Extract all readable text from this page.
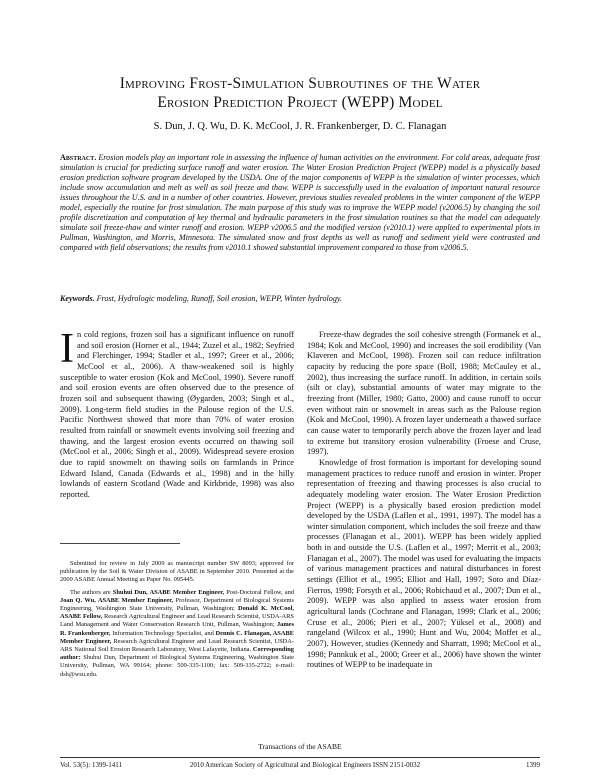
Improving Frost-Simulation Subroutines of the Water
Erosion Prediction Project (WEPP) Model
S. Dun, J. Q. Wu, D. K. McCool, J. R. Frankenberger, D. C. Flanagan
Abstract. Erosion models play an important role in assessing the influence of human activities on the environment. For cold areas, adequate frost simulation is crucial for predicting surface runoff and water erosion. The Water Erosion Prediction Project (WEPP) model is a physically based erosion prediction software program developed by the USDA. One of the major components of WEPP is the simulation of winter processes, which include snow accumulation and melt as well as soil freeze and thaw. WEPP is successfully used in the evaluation of important natural resource issues throughout the U.S. and in a number of other countries. However, previous studies revealed problems in the winter component of the WEPP model, especially the routine for frost simulation. The main purpose of this study was to improve the WEPP model (v2006.5) by changing the soil profile discretization and computation of key thermal and hydraulic parameters in the frost simulation routines so that the model can adequately simulate soil freeze-thaw and winter runoff and erosion. WEPP v2006.5 and the modified version (v2010.1) were applied to experimental plots in Pullman, Washington, and Morris, Minnesota. The simulated snow and frost depths as well as runoff and sediment yield were contrasted and compared with field observations; the results from v2010.1 showed substantial improvement compared to those from v2006.5.
Keywords. Frost, Hydrologic modeling, Runoff, Soil erosion, WEPP, Winter hydrology.

In cold regions, frozen soil has a significant influence on runoff and soil erosion (Horner et al., 1944; Zuzel et al., 1982; Seyfried and Flerchinger, 1994; Stadler et al., 1997; Greer et al., 2006; McCool et al., 2006). A thaw-weakened soil is highly susceptible to water erosion (Kok and McCool, 1990). Severe runoff and soil erosion events are often observed due to the presence of frozen soil and subsequent thawing (Øygarden, 2003; Singh et al., 2009). Long-term field studies in the Palouse region of the U.S. Pacific Northwest showed that more than 70% of water erosion resulted from rainfall or snowmelt events involving soil freezing and thawing, and the largest erosion events occurred on thawing soil (McCool et al., 2006; Singh et al., 2009). Widespread severe erosion due to rapid snowmelt on thawing soils on farmlands in Prince Edward Island, Canada (Edwards et al., 1998) and in the hilly lowlands of eastern Scotland (Wade and Kirkbride, 1998) was also reported.

Freeze-thaw degrades the soil cohesive strength (Formanek et al., 1984; Kok and McCool, 1990) and increases the soil erodibility (Van Klaveren and McCool, 1998). Frozen soil can reduce infiltration capacity by reducing the pore space (Boll, 1988; McCauley et al., 2002), thus increasing the surface runoff. In addition, in certain soils (silt or clay), substantial amounts of water may migrate to the freezing front (Miller, 1980; Gatto, 2000) and cause runoff to occur even without rain or snowmelt in areas such as the Palouse region (Kok and McCool, 1990). A frozen layer underneath a thawed surface can cause water to temporarily perch above the frozen layer and lead to extreme but transitory erosion vulnerability (Froese and Cruse, 1997).

Knowledge of frost formation is important for developing sound management practices to reduce runoff and erosion in winter. Proper representation of freezing and thawing processes is also crucial to adequately modeling water erosion. The Water Erosion Prediction Project (WEPP) is a physically based erosion prediction model developed by the USDA (Laflen et al., 1991, 1997). The model has a winter simulation component, which includes the soil freeze and thaw processes (Flanagan et al., 2001). WEPP has been widely applied both in and outside the U.S. (Laflen et al., 1997; Merrit et al., 2003; Flanagan et al., 2007). The model was used for evaluating the impacts of various management practices and natural disturbances in forest settings (Elliot et al., 1995; Elliot and Hall, 1997; Soto and Díaz-Fierros, 1998; Forsyth et al., 2006; Robichaud et al., 2007; Dun et al., 2009). WEPP was also applied to assess water erosion from agricultural lands (Cochrane and Flanagan, 1999; Clark et al., 2006; Cruse et al., 2006; Pieri et al., 2007; Yüksel et al., 2008) and rangeland (Wilcox et al., 1990; Hunt and Wu, 2004; Moffet et al., 2007). However, studies (Kennedy and Sharratt, 1998; McCool et al., 1998; Pannkuk et al., 2000; Greer et al., 2006) have shown the winter routines of WEPP to be inadequate in

Submitted for review in July 2009 as manuscript number SW 8093; approved for publication by the Soil & Water Division of ASABE in September 2010. Presented at the 2009 ASABE Annual Meeting as Paper No. 095445.

The authors are Shuhui Dun, ASABE Member Engineer, Post-Doctoral Fellow, and Joan Q. Wu, ASABE Member Engineer, Professor, Department of Biological Systems Engineering, Washington State University, Pullman, Washington; Donald K. McCool, ASABE Fellow, Research Agricultural Engineer and Lead Research Scientist, USDA-ARS Land Management and Water Conservation Research Unit, Pullman, Washington; James R. Frankenberger, Information Technology Specialist, and Dennis C. Flanagan, ASABE Member Engineer, Research Agricultural Engineer and Lead Research Scientist, USDA-ARS National Soil Erosion Research Laboratory, West Lafayette, Indiana. Corresponding author: Shuhui Dun, Department of Biological Systems Engineering, Washington State University, Pullman, WA 99164; phone: 509-335-1100; fax: 509-335-2722; e-mail: dsh@wsu.edu.

Transactions of the ASABE
Vol. 53(5): 1399-1411	2010 American Society of Agricultural and Biological Engineers ISSN 2151-0032	1399
